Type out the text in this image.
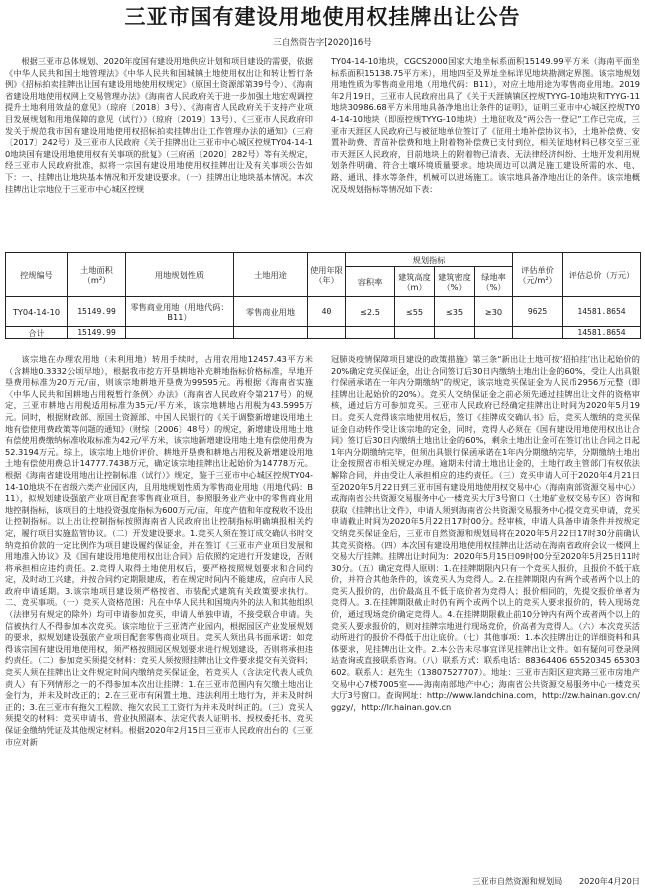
三亚市国有建设用地使用权挂牌出让公告
三自然资告字[2020]16号

根据三亚市总体规划、2020年度国有建设用地供应计划和项目建设的需要，依据《中华人民共和国土地管理法》《中华人民共和国城镇土地使用权出让和转让暂行条例》《招标拍卖挂牌出让国有建设用地使用权规定》（原国土资源部第39号令）、《海南省建设用地使用权网上交易管理办法》《海南省人民政府关于进一步加强土地宏观调控提升土地利用效益的意见》（琼府〔2018〕3号）、《海南省人民政府关于支持产业项目发展规划和用地保障的意见（试行）》（琼府〔2019〕13号）、《三亚市人民政府印发关于规范我市国有建设用地使用权招标拍卖挂牌出让工作管理办法的通知》（三府〔2017〕242号）及三亚市人民政府《关于挂牌出让三亚市中心城区控规TY04-14-10地块国有建设用地使用权有关事项的批复》（三府函〔2020〕282号）等有关规定，经三亚市人民政府批准，拟将一宗国有建设用地使用权挂牌出让及有关事项公告如下：一、挂牌出让地块基本情况和开发建设要求。（一）挂牌出让地块基本情况。本次挂牌出让宗地位于三亚市中心城区控规

TY04-14-10地块，CGCS2000国家大地坐标系面积15149.99平方米（海南平面坐标系面积15138.75平方米），用地四至及界址坐标详见地块勘测定界图。该宗地规划用地性质为零售商业用地（用地代码：B11），对应土地用途为零售商业用地。2019年2月19日，三亚市人民政府出具了《关于天涯镇镇区控规TYYG-10地块和TYYG-11地块30986.68平方米用地具备净地出让条件的证明》，证明三亚市中心城区控规TY04-14-10地块（即原控规TYYG-10地块）土地征收及“两公告一登记”工作已完成，三亚市天涯区人民政府已与被征地单位签订了《征用土地补偿协议书》，土地补偿费、安置补助费、青苗补偿费和地上附着物补偿费已支付到位，相关征地材料已移交至三亚市天涯区人民政府，目前地块上的附着物已清表、无法律经济纠纷、土地开发利用规划条件明确、符合土壤环境质量要求。地块周边可以满足施工建设所需的水、电、路、通讯、排水等条件，机械可以进场施工。该宗地具备净地出让的条件。该宗地概况及规划指标等情况如下表：

控规编号	土地面积（m²）	用地规划性质	土地用途	使用年限（年）	规划指标				评估单价（元/m²）	评估总价（万元）
					容积率	建筑高度（m）	建筑密度（%）	绿地率（%）		
TY04-14-10	15149.99	零售商业用地（用地代码：B11）	零售商业用地	40	≤2.5	≤55	≤35	≥30	9625	14581.8654
合计	15149.99									14581.8654

该宗地在办理农用地（未利用地）转用手续时，占用农用地12457.43平方米（含耕地0.3332公顷早地），根据我市挖方开垦耕地补充耕地指标价格标准，早地开垦费用标准为20万元/亩，则该宗地耕地开垦费为99595元。再根据《海南省实施〈中华人民共和国耕地占用税暂行条例〉办法》（海南省人民政府令第217号）的规定，三亚市耕地占用税适用标准为35元/平方米，该宗地耕地占用税为43.5995万元。同时，根据财政部、原国土资源部、中国人民银行的《关于调整新增建设用地土地有偿使用费政策等问题的通知》（财综〔2006〕48号）的规定，新增建设用地土地有偿使用费缴纳标准收取标准为42元/平方米，该宗地新增建设用地土地有偿使用费为52.3194万元。综上，该宗地上地价评价、耕地开垦费和耕地占用税及新增建设用地土地有偿使用费总计14777.7438万元，确定该宗地挂牌出让起始价为14778万元。根据《海南省建设用地出让控制标准（试行）》规定，鉴于三亚市中心城区控规TY04-14-10地块不在省级六类产业园区内，且用地规划性质为零售商业用地（用地代码：B11），拟规划建设强旅产业项目配套零售商业项目，参照服务业产业中的零售商业用地控制指标，该项目的土地投资强度指标为600万元/亩，年度产值和年度税收不设出让控制指标。以上出让控制指标按照海南省人民政府出让控制指标明确填报相关约定，履行项目实施监管协议。（二）开发建设要求。1.竞买人须在签订成交确认书时交纳竞拍价款的一定比例作为项目建设履约保证金，并在签订《三亚市产业项目发展和用地准入协议》及《国有建设用地使用权出让合同》后依照约定进行开发建设，否则将承担相应违约责任。2.竞得人取得土地使用权后，要严格按照规划要求和合同约定，及时动工兴建，并按合同约定期限建成，若在规定时间内不能建成，应向市人民政府申请延期。3.该宗地项目建设须严格按省、市装配式建筑有关政策要求执行。二、竞买事项。（一）竞买人资格范围：凡在中华人民共和国境内外的法人和其他组织（法律另有规定的除外）均可申请参加竞买，申请人单独申请，不接受联合申请。失信被执行人不得参加本次竞买。该宗地位于三亚湾产业园内，根据园区产业发展规划的要求，拟规划建设强旅产业项目配套零售商业项目。竞买人须出具书面承诺：如竞得该宗国有建设用地使用权，须严格按照园区规划要求进行规划建设，否则将承担违约责任。（二）参加竞买须提交材料：竞买人须按照挂牌出让文件要求提交有关资料；竞买人须在挂牌出让文件规定时间内缴纳竞买保证金，若竞买人（含法定代表人或负责人）有下列情形之一的不得参加本次出让挂牌：1.在三亚市范围内有欠缴土地出让金行为，并未及时改正的；2.在三亚市有闲置土地、违法利用土地行为，并未及时纠正的；3.在三亚市有拖欠工程款、拖欠农民工工资行为并未及时纠正的。（三）竞买人须提交的材料：竞买申请书、营业执照副本、法定代表人证明书、授权委托书、竞买保证金缴纳凭证及其他规定材料。根据2020年2月15日三亚市人民政府出台的《三亚市应对新

冠肺炎疫情保障项目建设的政策措施》第三条“新出让土地可按‘招拍挂’出让起始价的20%确定竞买保证金，出让合同签订后30日内缴纳土地出让金的60%，受让人出具银行保函承诺在一年内分期缴纳”的规定，该宗地竞买保证金为人民币2956万元整（即挂牌出让起始价的20%）。竞买人交纳保证金之前必须先通过挂牌出让文件的资格审核，通过后方可参加竞买。三亚市人民政府已经确定挂牌出让时间为2020年5月19日。竞买人竞得该宗地使用权后，签订《挂牌成交确认书》后，竞买人缴纳的竞买保证金自动转作受让该宗地的定金，同时，竞得人必须在《国有建设用地使用权出让合同》签订后30日内缴纳土地出让金的60%，剩余土地出让金可在签订出让合同之日起1年内分期缴纳完毕，但须出具银行保函承诺在1年内分期缴纳完毕，分期缴纳土地出让金按照省市相关规定办理。逾期未付清土地出让金的，土地行政主管部门有权依法解除合同，并由受让人承担相应的违约责任。（三）竞买申请人可于2020年4月21日至2020年5月22日到三亚市国有建设用地使用权交易中心（海南南部资源交易中心）或海南省公共资源交易服务中心一楼竞买大厅3号窗口（土地矿业权交易专区）咨询和获取《挂牌出让文件》，申请人须到海南省公共资源交易服务中心提交竞买申请，竞买申请截止时间为2020年5月22日17时00分。经审核，申请人具备申请条件并按规定交纳竞买保证金后，三亚市自然资源和规划局将在2020年5月22日17时30分前确认其竞买资格。（四）本次国有建设用地使用权挂牌出让活动在海南省政府会议一楼网上交易大厅挂牌。挂牌出让时间为：2020年5月15日09时00分至2020年5月25日11时30分。（五）确定竞得人原则：1.在挂牌期限内只有一个竞买人报价，且报价不低于底价，并符合其他条件的，该竞买人为竞得人。2.在挂牌期限内有两个或者两个以上的竞买人报价的，出价最高且不低于底价者为竞得人；报价相同的，先提交报价单者为竞得人。3.在挂牌期限截止时仍有两个或两个以上的竞买人要求报价的，转入现场竞价，通过现场竞价确定竞得人。4.在挂牌期限截止前10分钟内有两个或者两个以上的竞买人要求报价的，则对挂牌宗地进行现场竞价，价高者为竞得人。（六）本次竞买活动所进行的报价不得低于出让底价。（七）其他事项：1.本次挂牌出让的详细资料和具体要求，见挂牌出让文件。2.本公告未尽事宜详见挂牌出让文件。如有疑问可登录网站查询或直接联系咨询。（八）联系方式：联系电话：88364406 65520345 65303602。联系人：赵先生（13807527707）。地址：三亚市吉阳区迎宾路三亚市房地产交易中心7楼7005室——海南南部地产中心；海南省公共资源交易服务中心一楼竞买大厅3号窗口。查询网址：http://www.landchina.com，http://zw.hainan.gov.cn/ggzy/，http://lr.hainan.gov.cn

三亚市自然资源和规划局 2020年4月20日
